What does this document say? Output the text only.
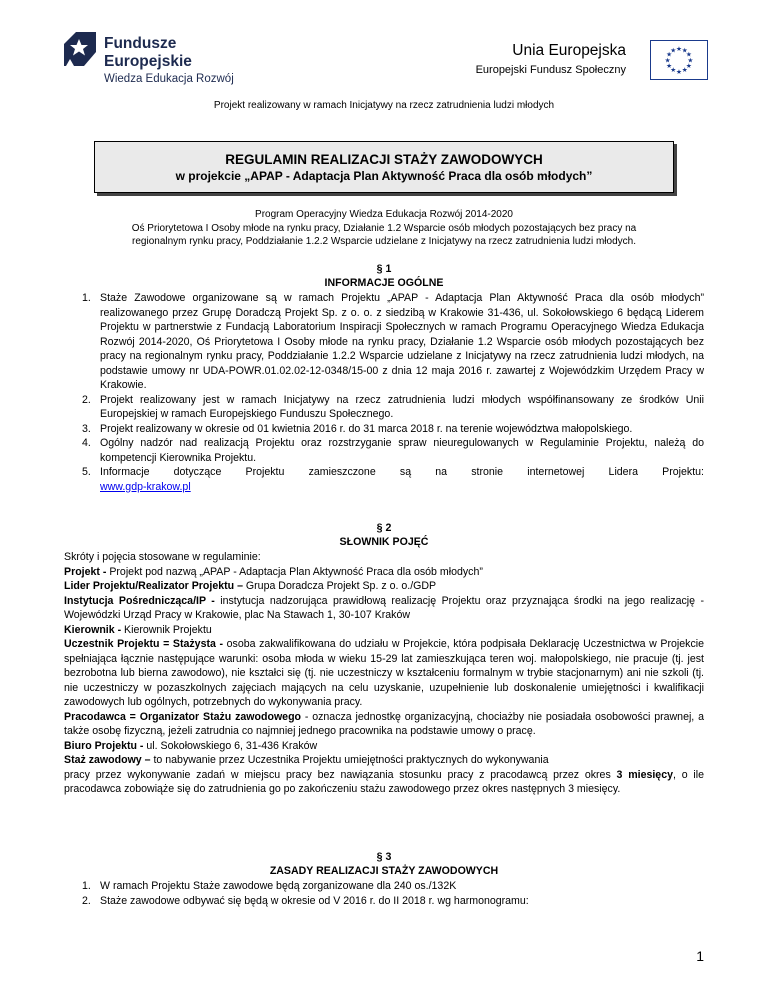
Fundusze
Europejskie
Wiedza Edukacja Rozwój
Unia Europejska
Europejski Fundusz Społeczny
★ ★
★
★
★
★
★
★
★
★
★
★
Projekt realizowany w ramach Inicjatywy na rzecz zatrudnienia ludzi młodych
REGULAMIN REALIZACJI STAŻY ZAWODOWYCH
w projekcie „APAP - Adaptacja Plan Aktywność Praca dla osób młodych”
Program Operacyjny Wiedza Edukacja Rozwój 2014-2020
Oś Priorytetowa I Osoby młode na rynku pracy, Działanie 1.2 Wsparcie osób młodych pozostających bez pracy na
regionalnym rynku pracy, Poddziałanie 1.2.2 Wsparcie udzielane z Inicjatywy na rzecz zatrudnienia ludzi młodych.
§ 1
INFORMACJE OGÓLNE
1. Staże Zawodowe organizowane są w ramach Projektu „APAP - Adaptacja Plan Aktywność Praca dla osób młodych” realizowanego przez Grupę Doradczą Projekt Sp. z o. o. z siedzibą w Krakowie 31-436, ul. Sokołowskiego 6 będącą Liderem Projektu w partnerstwie z Fundacją Laboratorium Inspiracji Społecznych w ramach Programu Operacyjnego Wiedza Edukacja Rozwój 2014-2020, Oś Priorytetowa I Osoby młode na rynku pracy, Działanie 1.2 Wsparcie osób młodych pozostających bez pracy na regionalnym rynku pracy, Poddziałanie 1.2.2 Wsparcie udzielane z Inicjatywy na rzecz zatrudnienia ludzi młodych, na podstawie umowy nr UDA-POWR.01.02.02-12-0348/15-00 z dnia 12 maja 2016 r. zawartej z Wojewódzkim Urzędem Pracy w Krakowie.
2. Projekt realizowany jest w ramach Inicjatywy na rzecz zatrudnienia ludzi młodych współfinansowany ze środków Unii Europejskiej w ramach Europejskiego Funduszu Społecznego.
3. Projekt realizowany w okresie od 01 kwietnia 2016 r. do 31 marca 2018 r. na terenie województwa małopolskiego.
4. Ogólny nadzór nad realizacją Projektu oraz rozstrzyganie spraw nieuregulowanych w Regulaminie Projektu, należą do kompetencji Kierownika Projektu.
5. Informacje dotyczące Projektu zamieszczone są na stronie internetowej Lidera Projektu:
www.gdp-krakow.pl
§ 2
SŁOWNIK POJĘĆ
Skróty i pojęcia stosowane w regulaminie:
Projekt - Projekt pod nazwą „APAP - Adaptacja Plan Aktywność Praca dla osób młodych”
Lider Projektu/Realizator Projektu – Grupa Doradcza Projekt Sp. z o. o./GDP
Instytucja Pośrednicząca/IP - instytucja nadzorująca prawidłową realizację Projektu oraz przyznająca środki na jego realizację - Wojewódzki Urząd Pracy w Krakowie, plac Na Stawach 1, 30-107 Kraków
Kierownik - Kierownik Projektu
Uczestnik Projektu = Stażysta - osoba zakwalifikowana do udziału w Projekcie, która podpisała Deklarację Uczestnictwa w Projekcie spełniająca łącznie następujące warunki: osoba młoda w wieku 15-29 lat zamieszkująca teren woj. małopolskiego, nie pracuje (tj. jest bezrobotna lub bierna zawodowo), nie kształci się (tj. nie uczestniczy w kształceniu formalnym w trybie stacjonarnym) ani nie szkoli (tj. nie uczestniczy w pozaszkolnych zajęciach mających na celu uzyskanie, uzupełnienie lub doskonalenie umiejętności i kwalifikacji zawodowych lub ogólnych, potrzebnych do wykonywania pracy.
Pracodawca = Organizator Stażu zawodowego - oznacza jednostkę organizacyjną, chociażby nie posiadała osobowości prawnej, a także osobę fizyczną, jeżeli zatrudnia co najmniej jednego pracownika na podstawie umowy o pracę.
Biuro Projektu - ul. Sokołowskiego 6, 31-436 Kraków
Staż zawodowy – to nabywanie przez Uczestnika Projektu umiejętności praktycznych do wykonywania
pracy przez wykonywanie zadań w miejscu pracy bez nawiązania stosunku pracy z pracodawcą przez okres 3 miesięcy, o ile pracodawca zobowiąże się do zatrudnienia go po zakończeniu stażu zawodowego przez okres następnych 3 miesięcy.
§ 3
ZASADY REALIZACJI STAŻY ZAWODOWYCH
1. W ramach Projektu Staże zawodowe będą zorganizowane dla 240 os./132K
2. Staże zawodowe odbywać się będą w okresie od V 2016 r. do II 2018 r. wg harmonogramu:
1
